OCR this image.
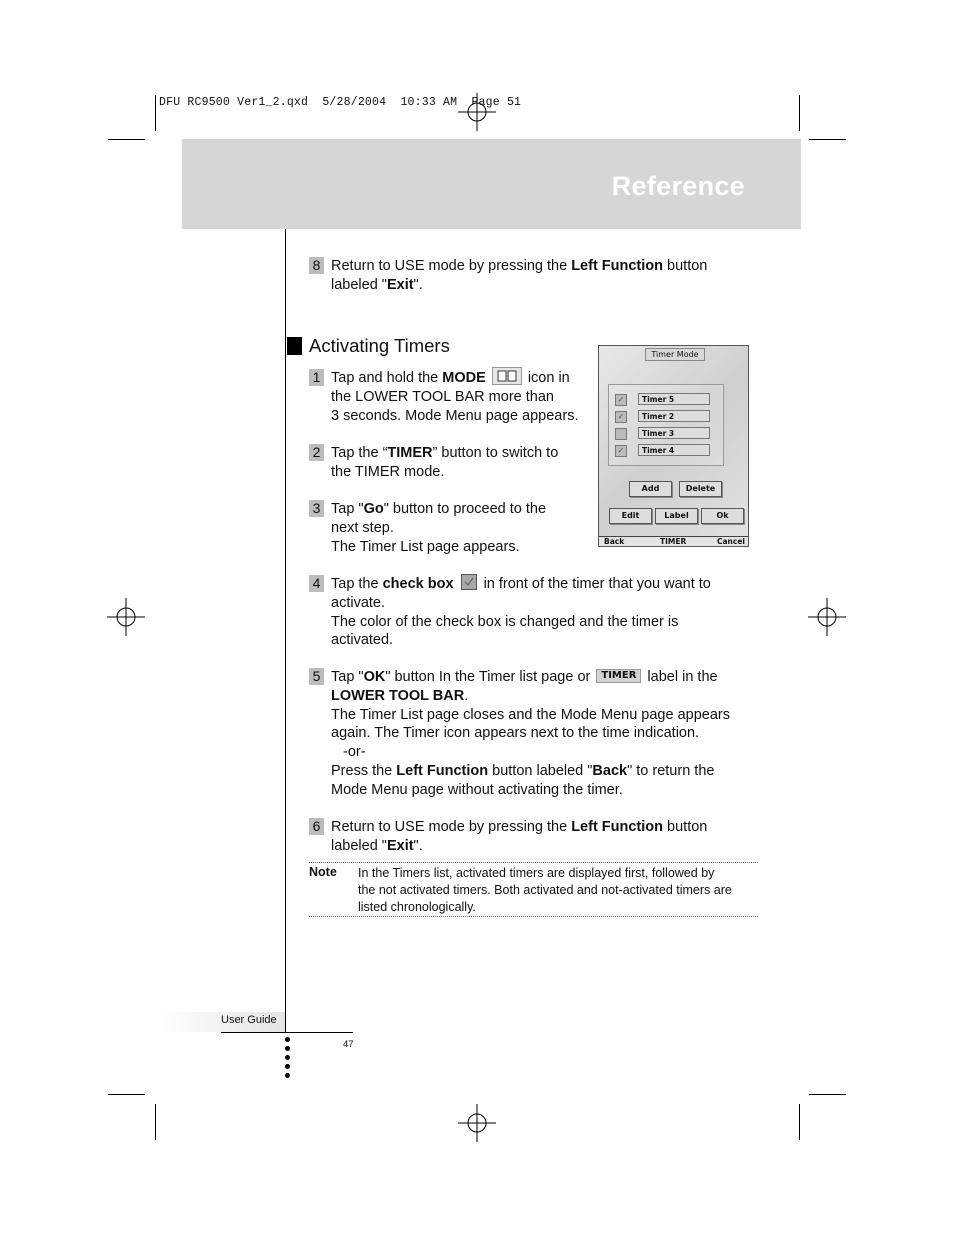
DFU RC9500 Ver1_2.qxd  5/28/2004  10:33 AM  Page 51
Reference
8 Return to USE mode by pressing the Left Function button
labeled "Exit".
Activating Timers
1 Tap and hold the MODE	icon in
the LOWER TOOL BAR more than
3 seconds. Mode Menu page appears.
2 Tap the “TIMER” button to switch to
the TIMER mode.
3 Tap "Go" button to proceed to the
next step.
The Timer List page appears.
4 Tap the check box  in front of the timer that you want to
activate.
The color of the check box is changed and the timer is
activated.
5 Tap "OK" button In the Timer list page or TIMER label in the
LOWER TOOL BAR.
The Timer List page closes and the Mode Menu page appears
again. The Timer icon appears next to the time indication.
-or-
Press the Left Function button labeled "Back" to return the
Mode Menu page without activating the timer.
6 Return to USE mode by pressing the Left Function button
labeled "Exit".
Note In the Timers list, activated timers are displayed first, followed by
the not activated timers. Both activated and not-activated timers are
listed chronologically.
Timer Mode
✓	Timer 5
✓	Timer 2
Timer 3
✓	Timer 4
Add	Delete
Edit	Label	Ok
Back	TIMER	Cancel
User Guide
47
